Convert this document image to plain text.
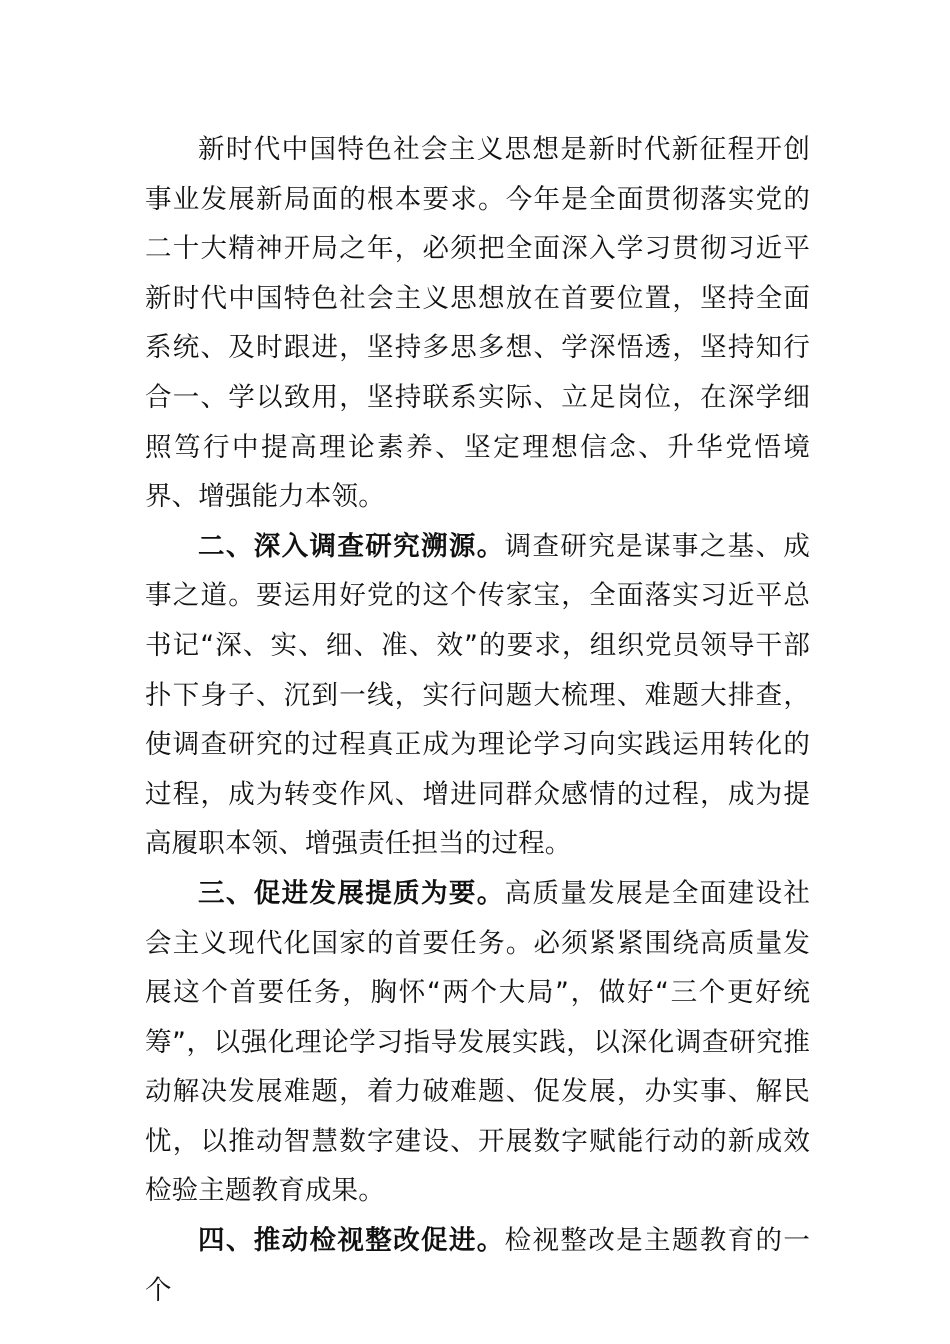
新时代中国特色社会主义思想是新时代新征程开创事业发展新局面的根本要求。今年是全面贯彻落实党的二十大精神开局之年，必须把全面深入学习贯彻习近平新时代中国特色社会主义思想放在首要位置，坚持全面系统、及时跟进，坚持多思多想、学深悟透，坚持知行合一、学以致用，坚持联系实际、立足岗位，在深学细照笃行中提高理论素养、坚定理想信念、升华党悟境界、增强能力本领。

二、深入调查研究溯源。调查研究是谋事之基、成事之道。要运用好党的这个传家宝，全面落实习近平总书记“深、实、细、准、效”的要求，组织党员领导干部扑下身子、沉到一线，实行问题大梳理、难题大排查，使调查研究的过程真正成为理论学习向实践运用转化的过程，成为转变作风、增进同群众感情的过程，成为提高履职本领、增强责任担当的过程。

三、促进发展提质为要。高质量发展是全面建设社会主义现代化国家的首要任务。必须紧紧围绕高质量发展这个首要任务，胸怀“两个大局”，做好“三个更好统筹”，以强化理论学习指导发展实践，以深化调查研究推动解决发展难题，着力破难题、促发展，办实事、解民忧，以推动智慧数字建设、开展数字赋能行动的新成效检验主题教育成果。

四、推动检视整改促进。检视整改是主题教育的一个
